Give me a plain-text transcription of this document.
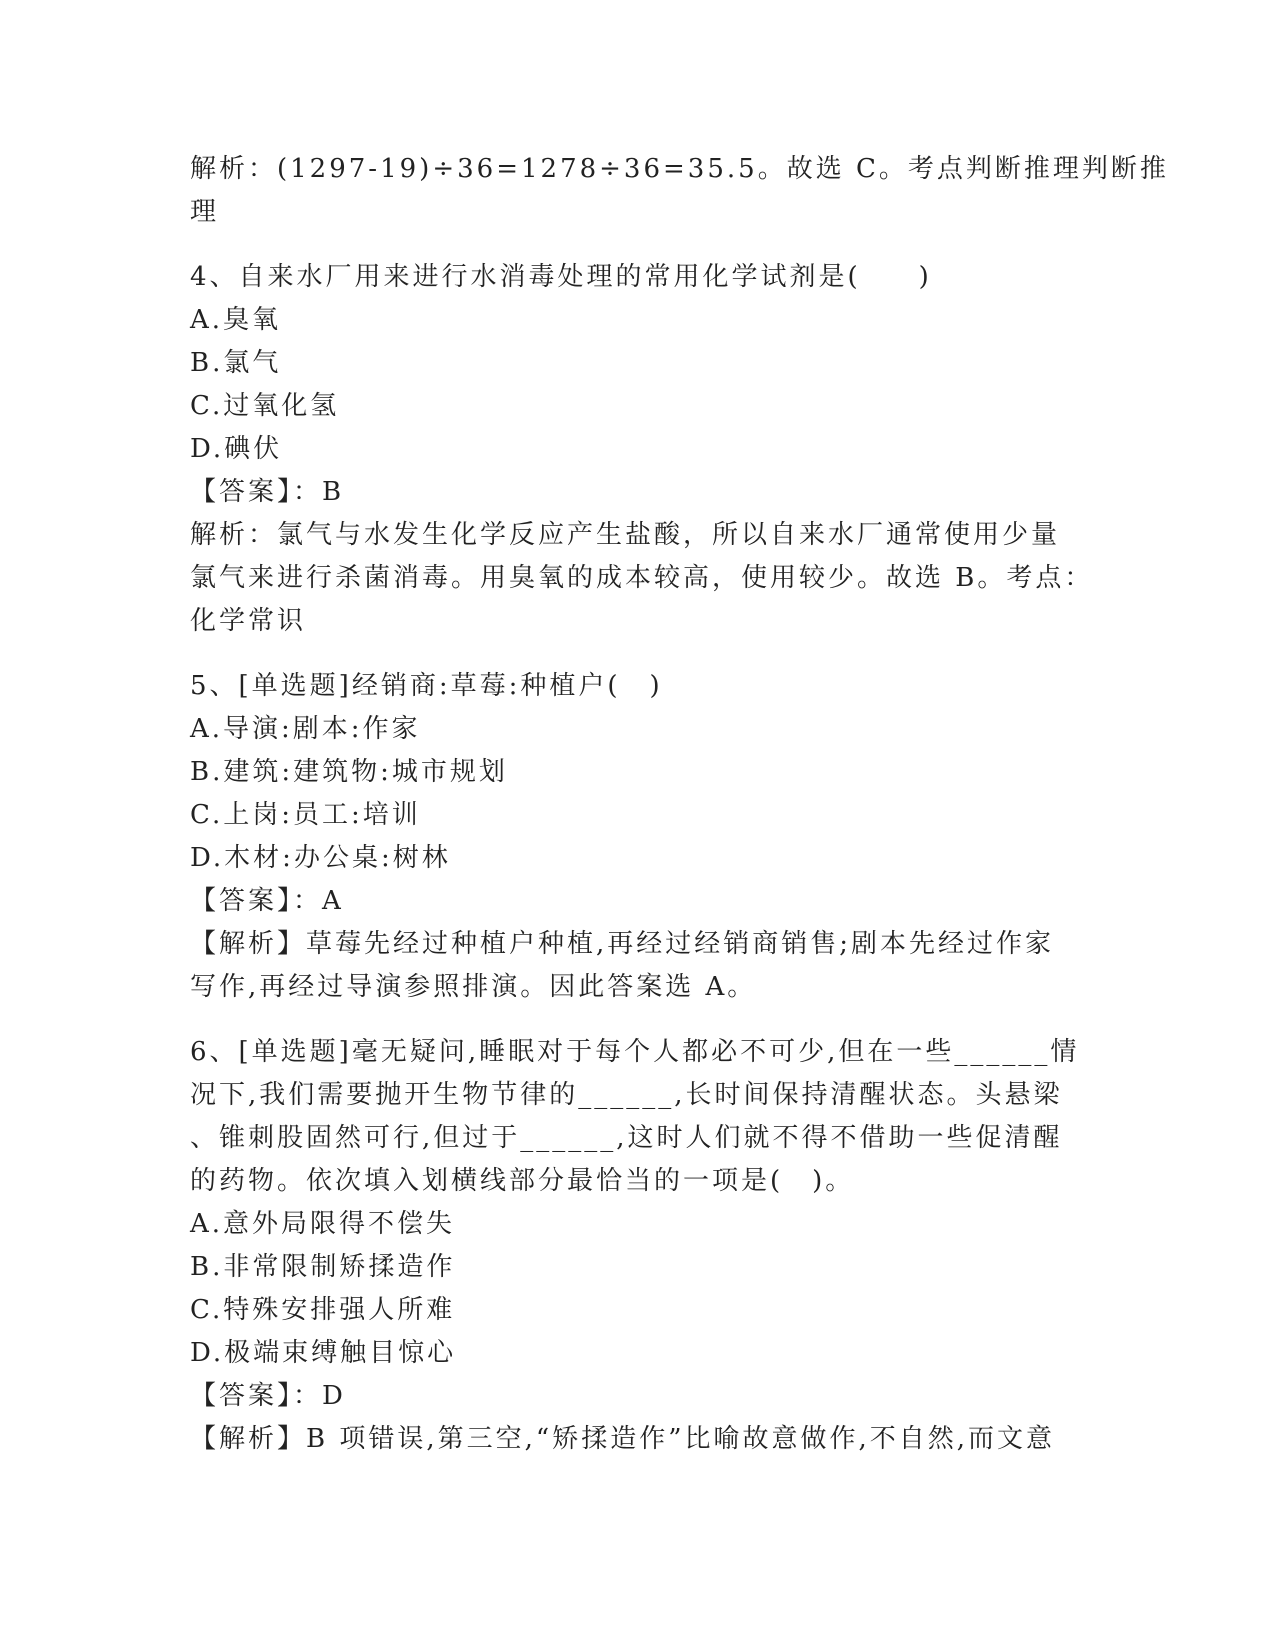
解析：(1297-19)÷36=1278÷36=35.5。故选 C。考点判断推理判断推

理

4、自来水厂用来进行水消毒处理的常用化学试剂是(　　)

A.臭氧

B.氯气

C.过氧化氢

D.碘伏

【答案】：B

解析：氯气与水发生化学反应产生盐酸，所以自来水厂通常使用少量

氯气来进行杀菌消毒。用臭氧的成本较高，使用较少。故选 B。考点：

化学常识

5、[单选题]经销商:草莓:种植户(　)

A.导演:剧本:作家

B.建筑:建筑物:城市规划

C.上岗:员工:培训

D.木材:办公桌:树林

【答案】：A

【解析】草莓先经过种植户种植,再经过经销商销售;剧本先经过作家

写作,再经过导演参照排演。因此答案选 A。

6、[单选题]毫无疑问,睡眠对于每个人都必不可少,但在一些______情

况下,我们需要抛开生物节律的______,长时间保持清醒状态。头悬梁

、锥刺股固然可行,但过于______,这时人们就不得不借助一些促清醒

的药物。依次填入划横线部分最恰当的一项是(　)。

A.意外局限得不偿失

B.非常限制矫揉造作

C.特殊安排强人所难

D.极端束缚触目惊心

【答案】：D

【解析】B 项错误,第三空,“矫揉造作”比喻故意做作,不自然,而文意
